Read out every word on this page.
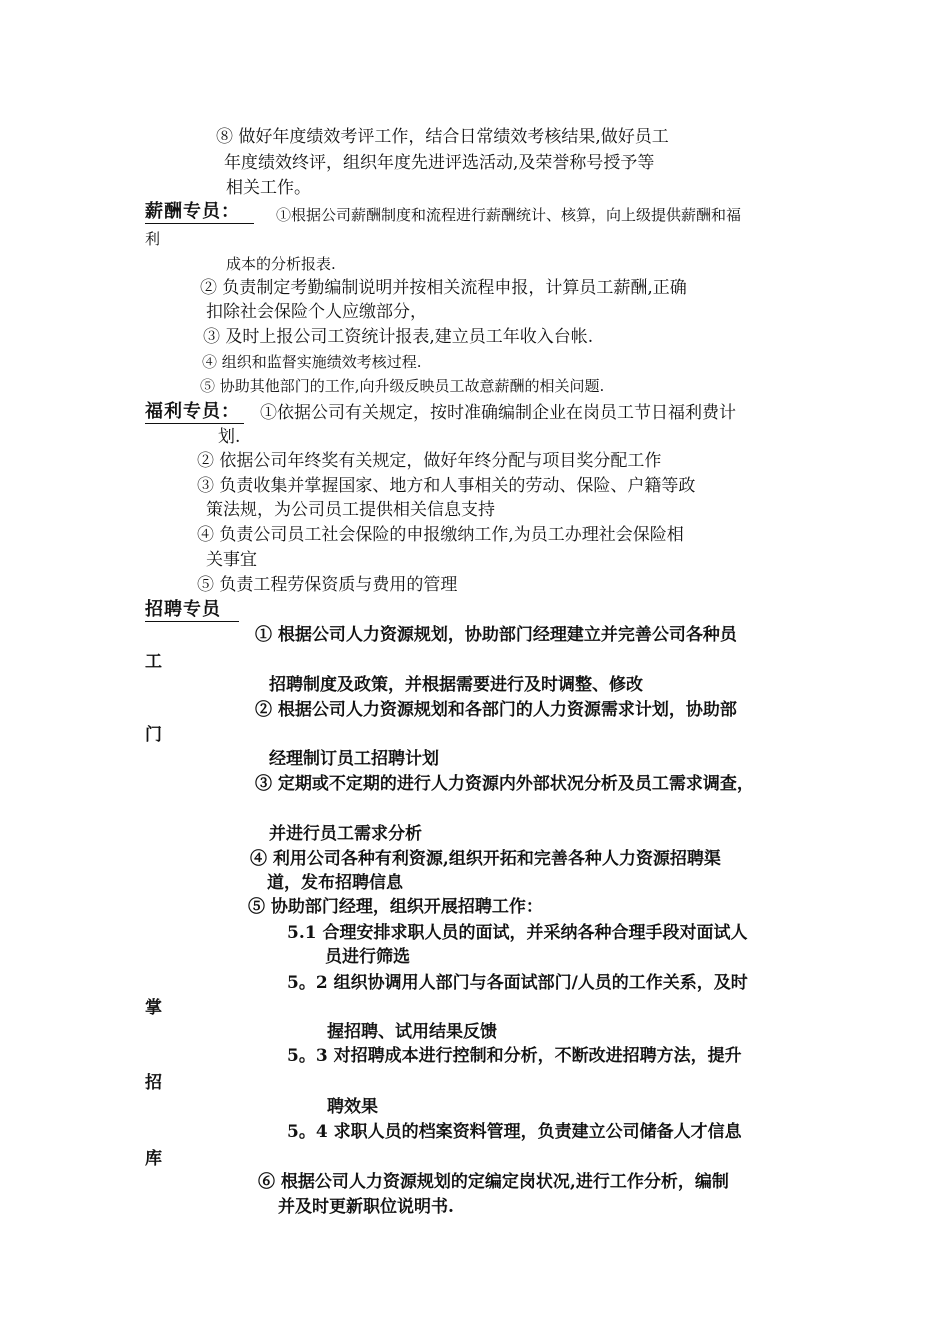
⑧ 做好年度绩效考评工作，结合日常绩效考核结果,做好员工
年度绩效终评，组织年度先进评选活动,及荣誉称号授予等
相关工作。
薪酬专员：	①根据公司薪酬制度和流程进行薪酬统计、核算，向上级提供薪酬和福
利
成本的分析报表.
② 负责制定考勤编制说明并按相关流程申报，计算员工薪酬,正确
扣除社会保险个人应缴部分，
③ 及时上报公司工资统计报表,建立员工年收入台帐.
④ 组织和监督实施绩效考核过程.
⑤ 协助其他部门的工作,向升级反映员工故意薪酬的相关问题.
福利专员： ①依据公司有关规定，按时准确编制企业在岗员工节日福利费计
划.
② 依据公司年终奖有关规定，做好年终分配与项目奖分配工作
③ 负责收集并掌握国家、地方和人事相关的劳动、保险、户籍等政
策法规，为公司员工提供相关信息支持
④ 负责公司员工社会保险的申报缴纳工作,为员工办理社会保险相
关事宜
⑤ 负责工程劳保资质与费用的管理
招聘专员
① 根据公司人力资源规划，协助部门经理建立并完善公司各种员
工
招聘制度及政策，并根据需要进行及时调整、修改
② 根据公司人力资源规划和各部门的人力资源需求计划，协助部
门
经理制订员工招聘计划
③ 定期或不定期的进行人力资源内外部状况分析及员工需求调查，
并进行员工需求分析
④ 利用公司各种有利资源,组织开拓和完善各种人力资源招聘渠
道，发布招聘信息
⑤ 协助部门经理，组织开展招聘工作：
5.1 合理安排求职人员的面试，并采纳各种合理手段对面试人
员进行筛选
5。2 组织协调用人部门与各面试部门/人员的工作关系，及时
掌
握招聘、试用结果反馈
5。3 对招聘成本进行控制和分析，不断改进招聘方法，提升
招
聘效果
5。4 求职人员的档案资料管理，负责建立公司储备人才信息
库
⑥ 根据公司人力资源规划的定编定岗状况,进行工作分析，编制
并及时更新职位说明书.
